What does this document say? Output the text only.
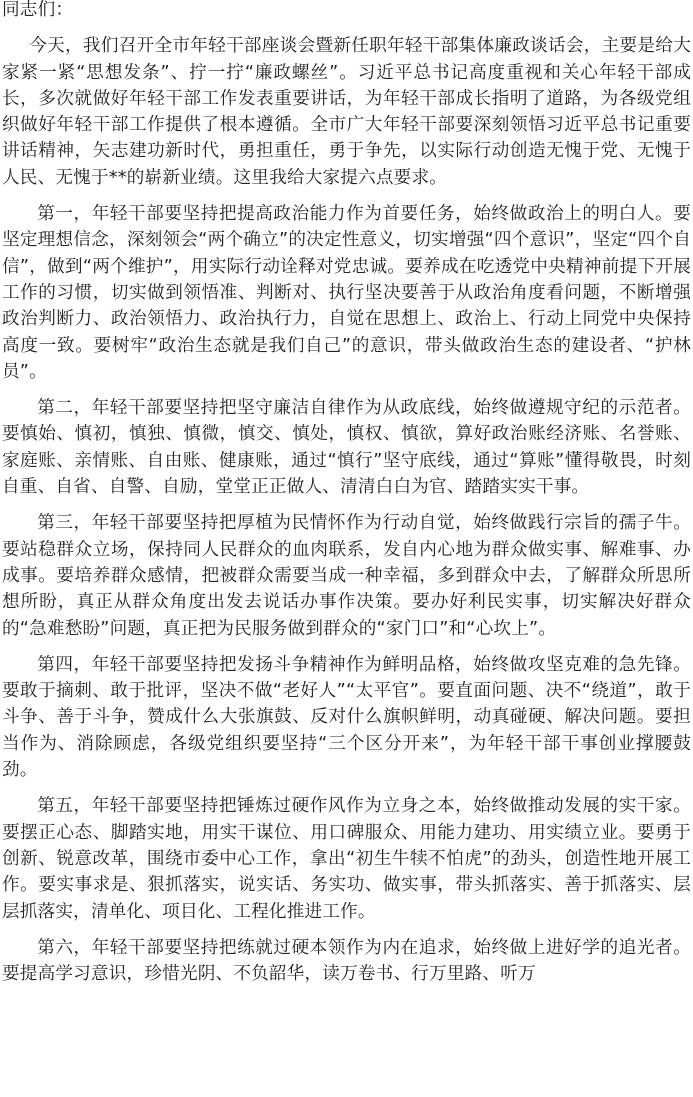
同志们：

今天，我们召开全市年轻干部座谈会暨新任职年轻干部集体廉政谈话会，主要是给大家紧一紧“思想发条”、拧一拧“廉政螺丝”。习近平总书记高度重视和关心年轻干部成长，多次就做好年轻干部工作发表重要讲话，为年轻干部成长指明了道路，为各级党组织做好年轻干部工作提供了根本遵循。全市广大年轻干部要深刻领悟习近平总书记重要讲话精神，矢志建功新时代，勇担重任，勇于争先，以实际行动创造无愧于党、无愧于人民、无愧于**的崭新业绩。这里我给大家提六点要求。

第一，年轻干部要坚持把提高政治能力作为首要任务，始终做政治上的明白人。要坚定理想信念，深刻领会“两个确立”的决定性意义，切实增强“四个意识”，坚定“四个自信”，做到“两个维护”，用实际行动诠释对党忠诚。要养成在吃透党中央精神前提下开展工作的习惯，切实做到领悟准、判断对、执行坚决要善于从政治角度看问题，不断增强政治判断力、政治领悟力、政治执行力，自觉在思想上、政治上、行动上同党中央保持高度一致。要树牢“政治生态就是我们自己”的意识，带头做政治生态的建设者、“护林员”。

第二，年轻干部要坚持把坚守廉洁自律作为从政底线，始终做遵规守纪的示范者。要慎始、慎初，慎独、慎微，慎交、慎处，慎权、慎欲，算好政治账经济账、名誉账、家庭账、亲情账、自由账、健康账，通过“慎行”坚守底线，通过“算账”懂得敬畏，时刻自重、自省、自警、自励，堂堂正正做人、清清白白为官、踏踏实实干事。

第三，年轻干部要坚持把厚植为民情怀作为行动自觉，始终做践行宗旨的孺子牛。要站稳群众立场，保持同人民群众的血肉联系，发自内心地为群众做实事、解难事、办成事。要培养群众感情，把被群众需要当成一种幸福，多到群众中去，了解群众所思所想所盼，真正从群众角度出发去说话办事作决策。要办好利民实事，切实解决好群众的“急难愁盼”问题，真正把为民服务做到群众的“家门口”和“心坎上”。

第四，年轻干部要坚持把发扬斗争精神作为鲜明品格，始终做攻坚克难的急先锋。要敢于摘刺、敢于批评，坚决不做“老好人”“太平官”。要直面问题、决不“绕道”，敢于斗争、善于斗争，赞成什么大张旗鼓、反对什么旗帜鲜明，动真碰硬、解决问题。要担当作为、消除顾虑，各级党组织要坚持“三个区分开来”，为年轻干部干事创业撑腰鼓劲。

第五，年轻干部要坚持把锤炼过硬作风作为立身之本，始终做推动发展的实干家。要摆正心态、脚踏实地，用实干谋位、用口碑服众、用能力建功、用实绩立业。要勇于创新、锐意改革，围绕市委中心工作，拿出“初生牛犊不怕虎”的劲头，创造性地开展工作。要实事求是、狠抓落实，说实话、务实功、做实事，带头抓落实、善于抓落实、层层抓落实，清单化、项目化、工程化推进工作。

第六，年轻干部要坚持把练就过硬本领作为内在追求，始终做上进好学的追光者。要提高学习意识，珍惜光阴、不负韶华，读万卷书、行万里路、听万
